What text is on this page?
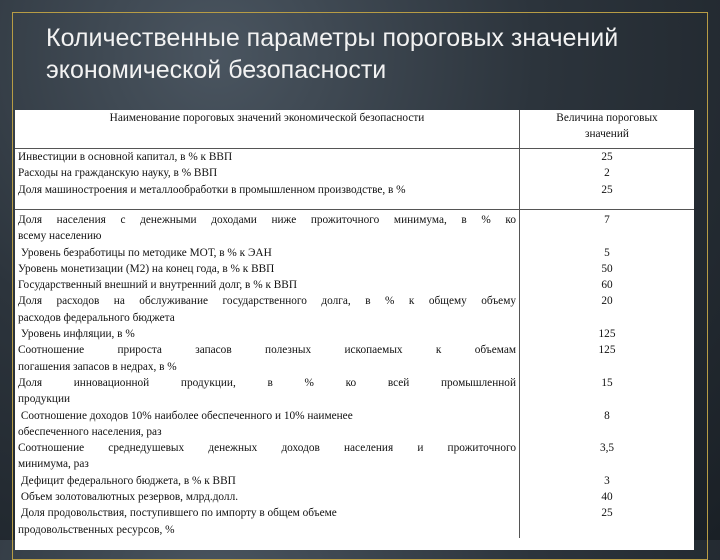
Количественные параметры пороговых значений
экономической безопасности
Наименование пороговых значений экономической безопасности	Величина пороговых
значений
Инвестиции в основной капитал, в % к ВВП
Расходы на гражданскую науку, в % ВВП
Доля машиностроения и металлообработки в промышленном производстве, в %
25
2
25
Доля населения с денежными доходами ниже прожиточного минимума, в % ко
всему населению
Уровень безработицы по методике МОТ, в % к ЭАН
Уровень монетизации (М2) на конец года, в % к ВВП
Государственный внешний и внутренний долг, в % к ВВП
Доля расходов на обслуживание государственного долга, в % к общему объему
расходов федерального бюджета
Уровень инфляции, в %
Соотношение прироста запасов полезных ископаемых к объемам
погашения запасов в недрах, в %
Доля инновационной продукции, в % ко всей промышленной
продукции
Соотношение доходов 10% наиболее обеспеченного и 10% наименее
обеспеченного населения, раз
Соотношение среднедушевых денежных доходов населения и прожиточного
минимума, раз
Дефицит федерального бюджета, в % к ВВП
Объем золотовалютных резервов, млрд.долл.
Доля продовольствия, поступившего по импорту в общем объеме
продовольственных ресурсов, %
7
5
50
60
20
125
125
15
8
3,5
3
40
25
